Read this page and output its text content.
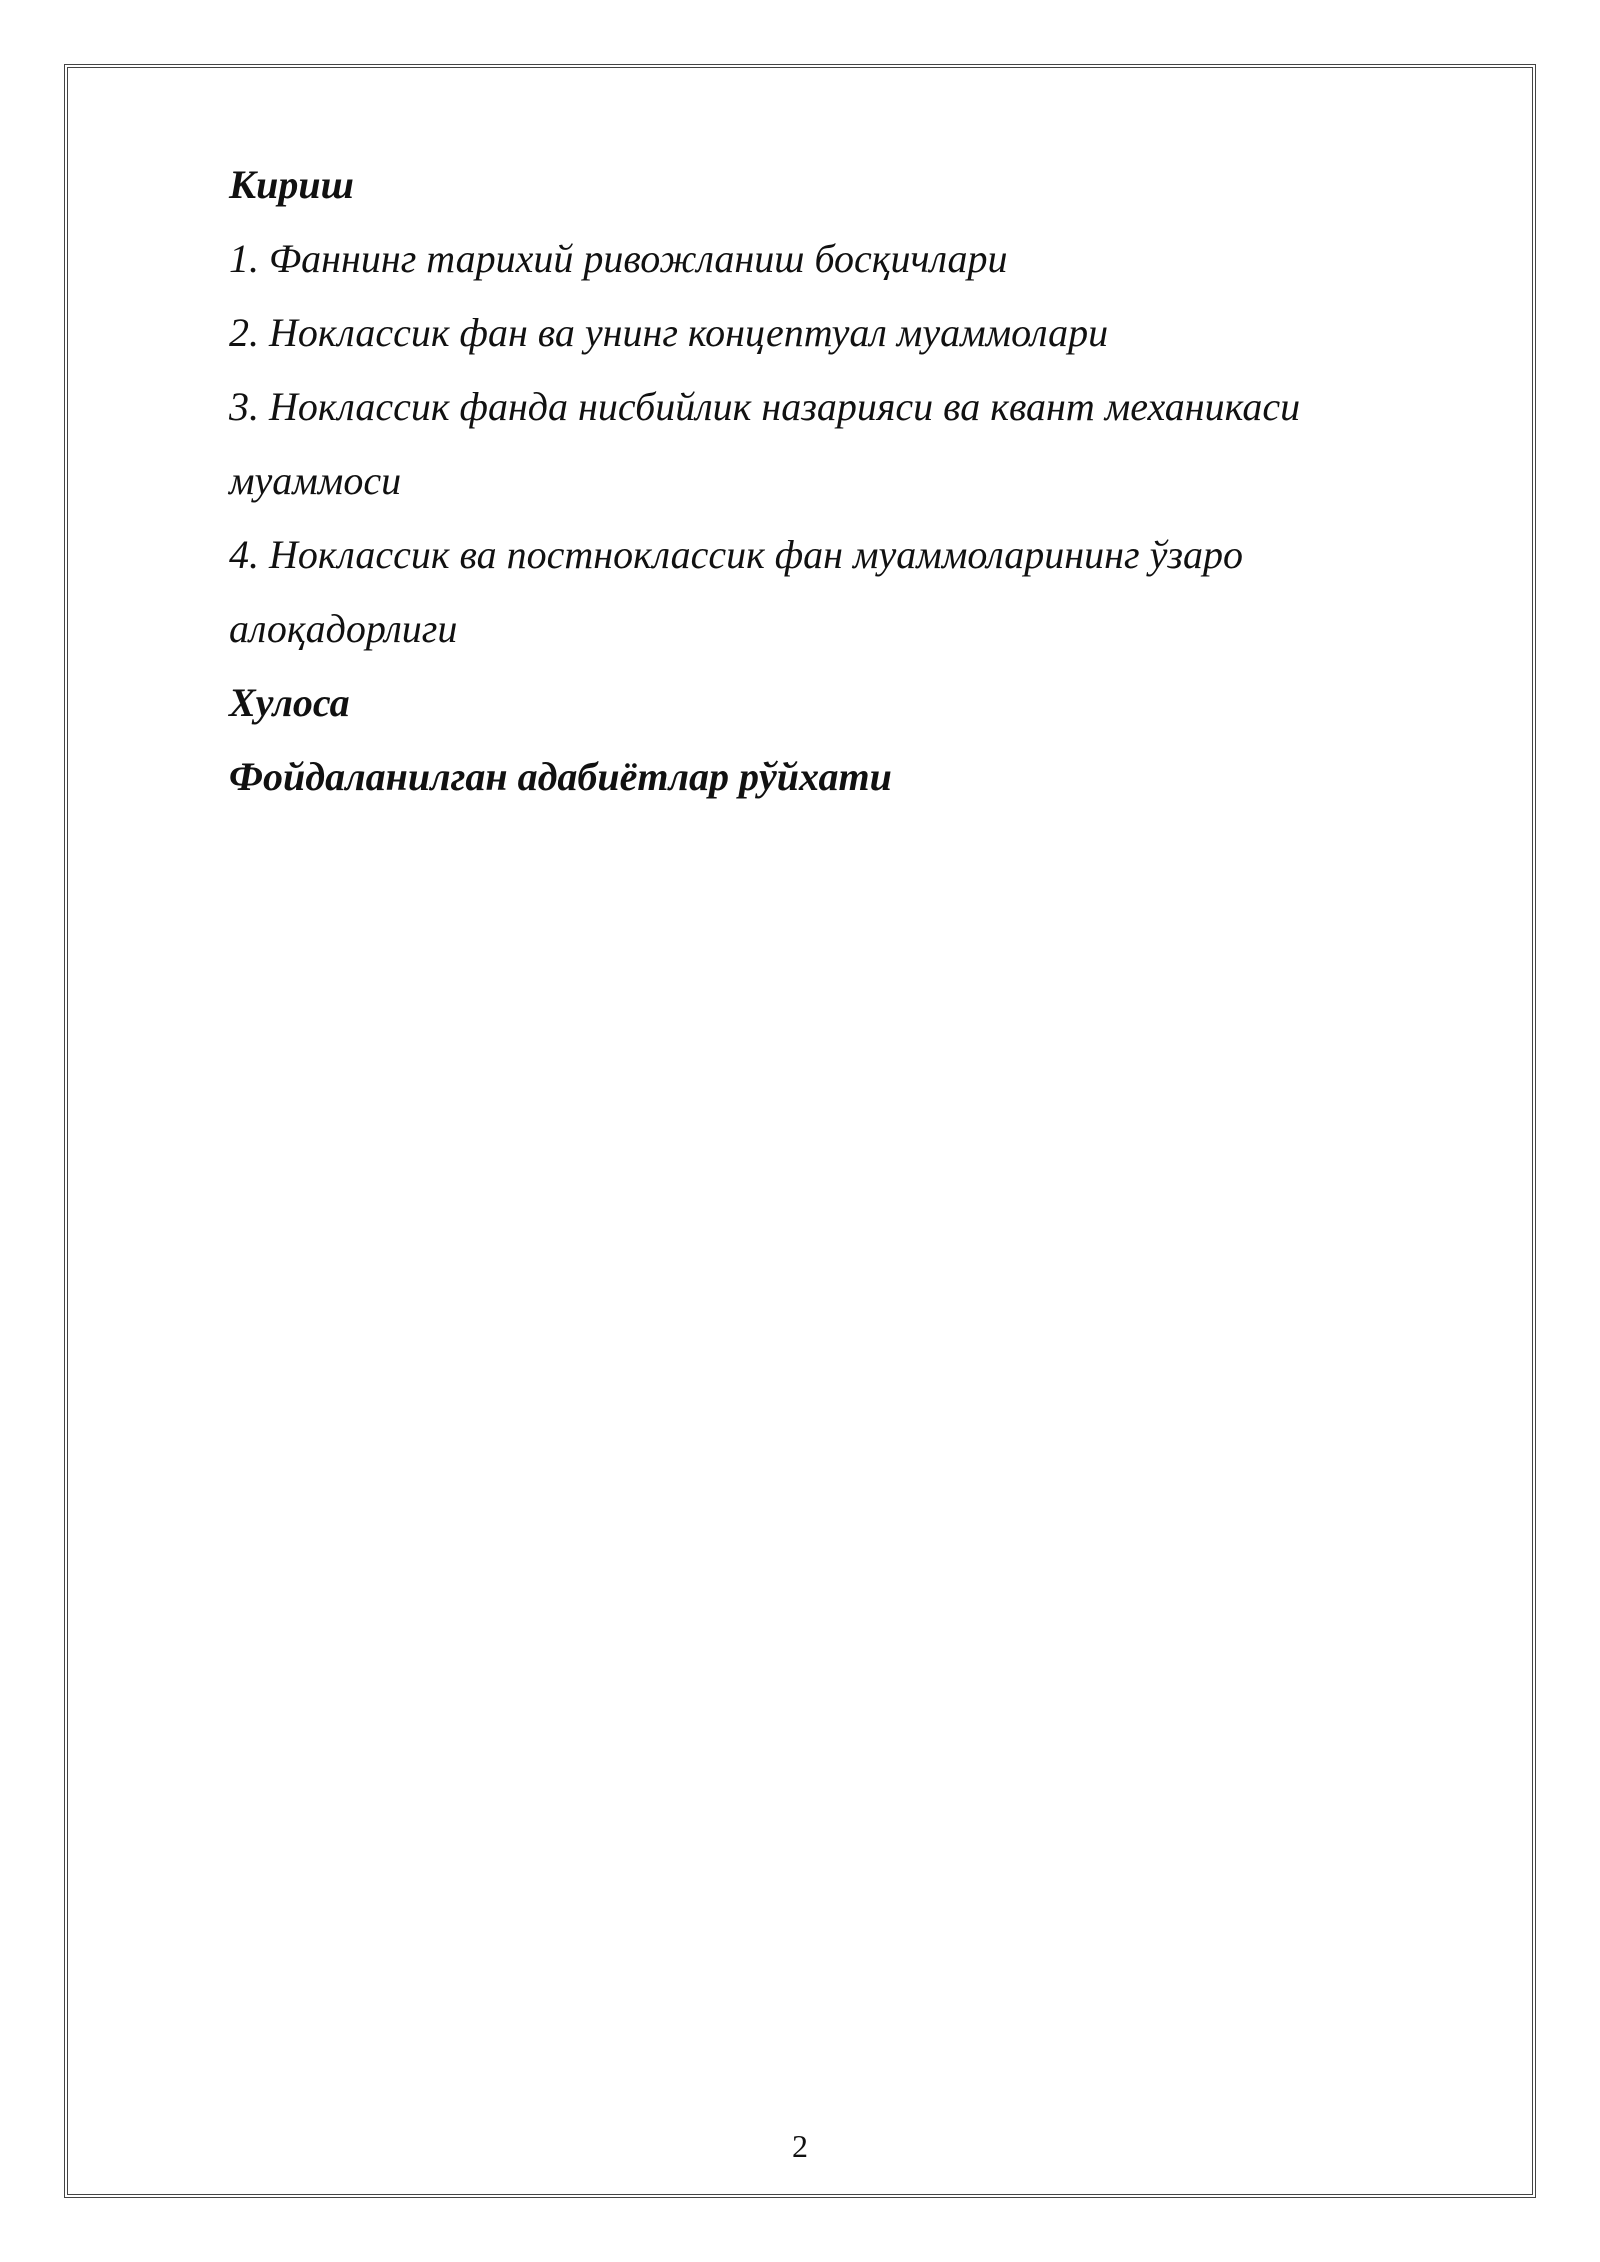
Кириш
1. Фаннинг тарихий ривожланиш босқичлари
2. Ноклассик фан ва унинг концептуал муаммолари
3. Ноклассик фанда нисбийлик назарияси ва квант механикаси
муаммоси
4. Ноклассик ва постноклассик фан муаммоларининг ўзаро
алоқадорлиги
Хулоса
Фойдаланилган адабиётлар рўйхати
2
